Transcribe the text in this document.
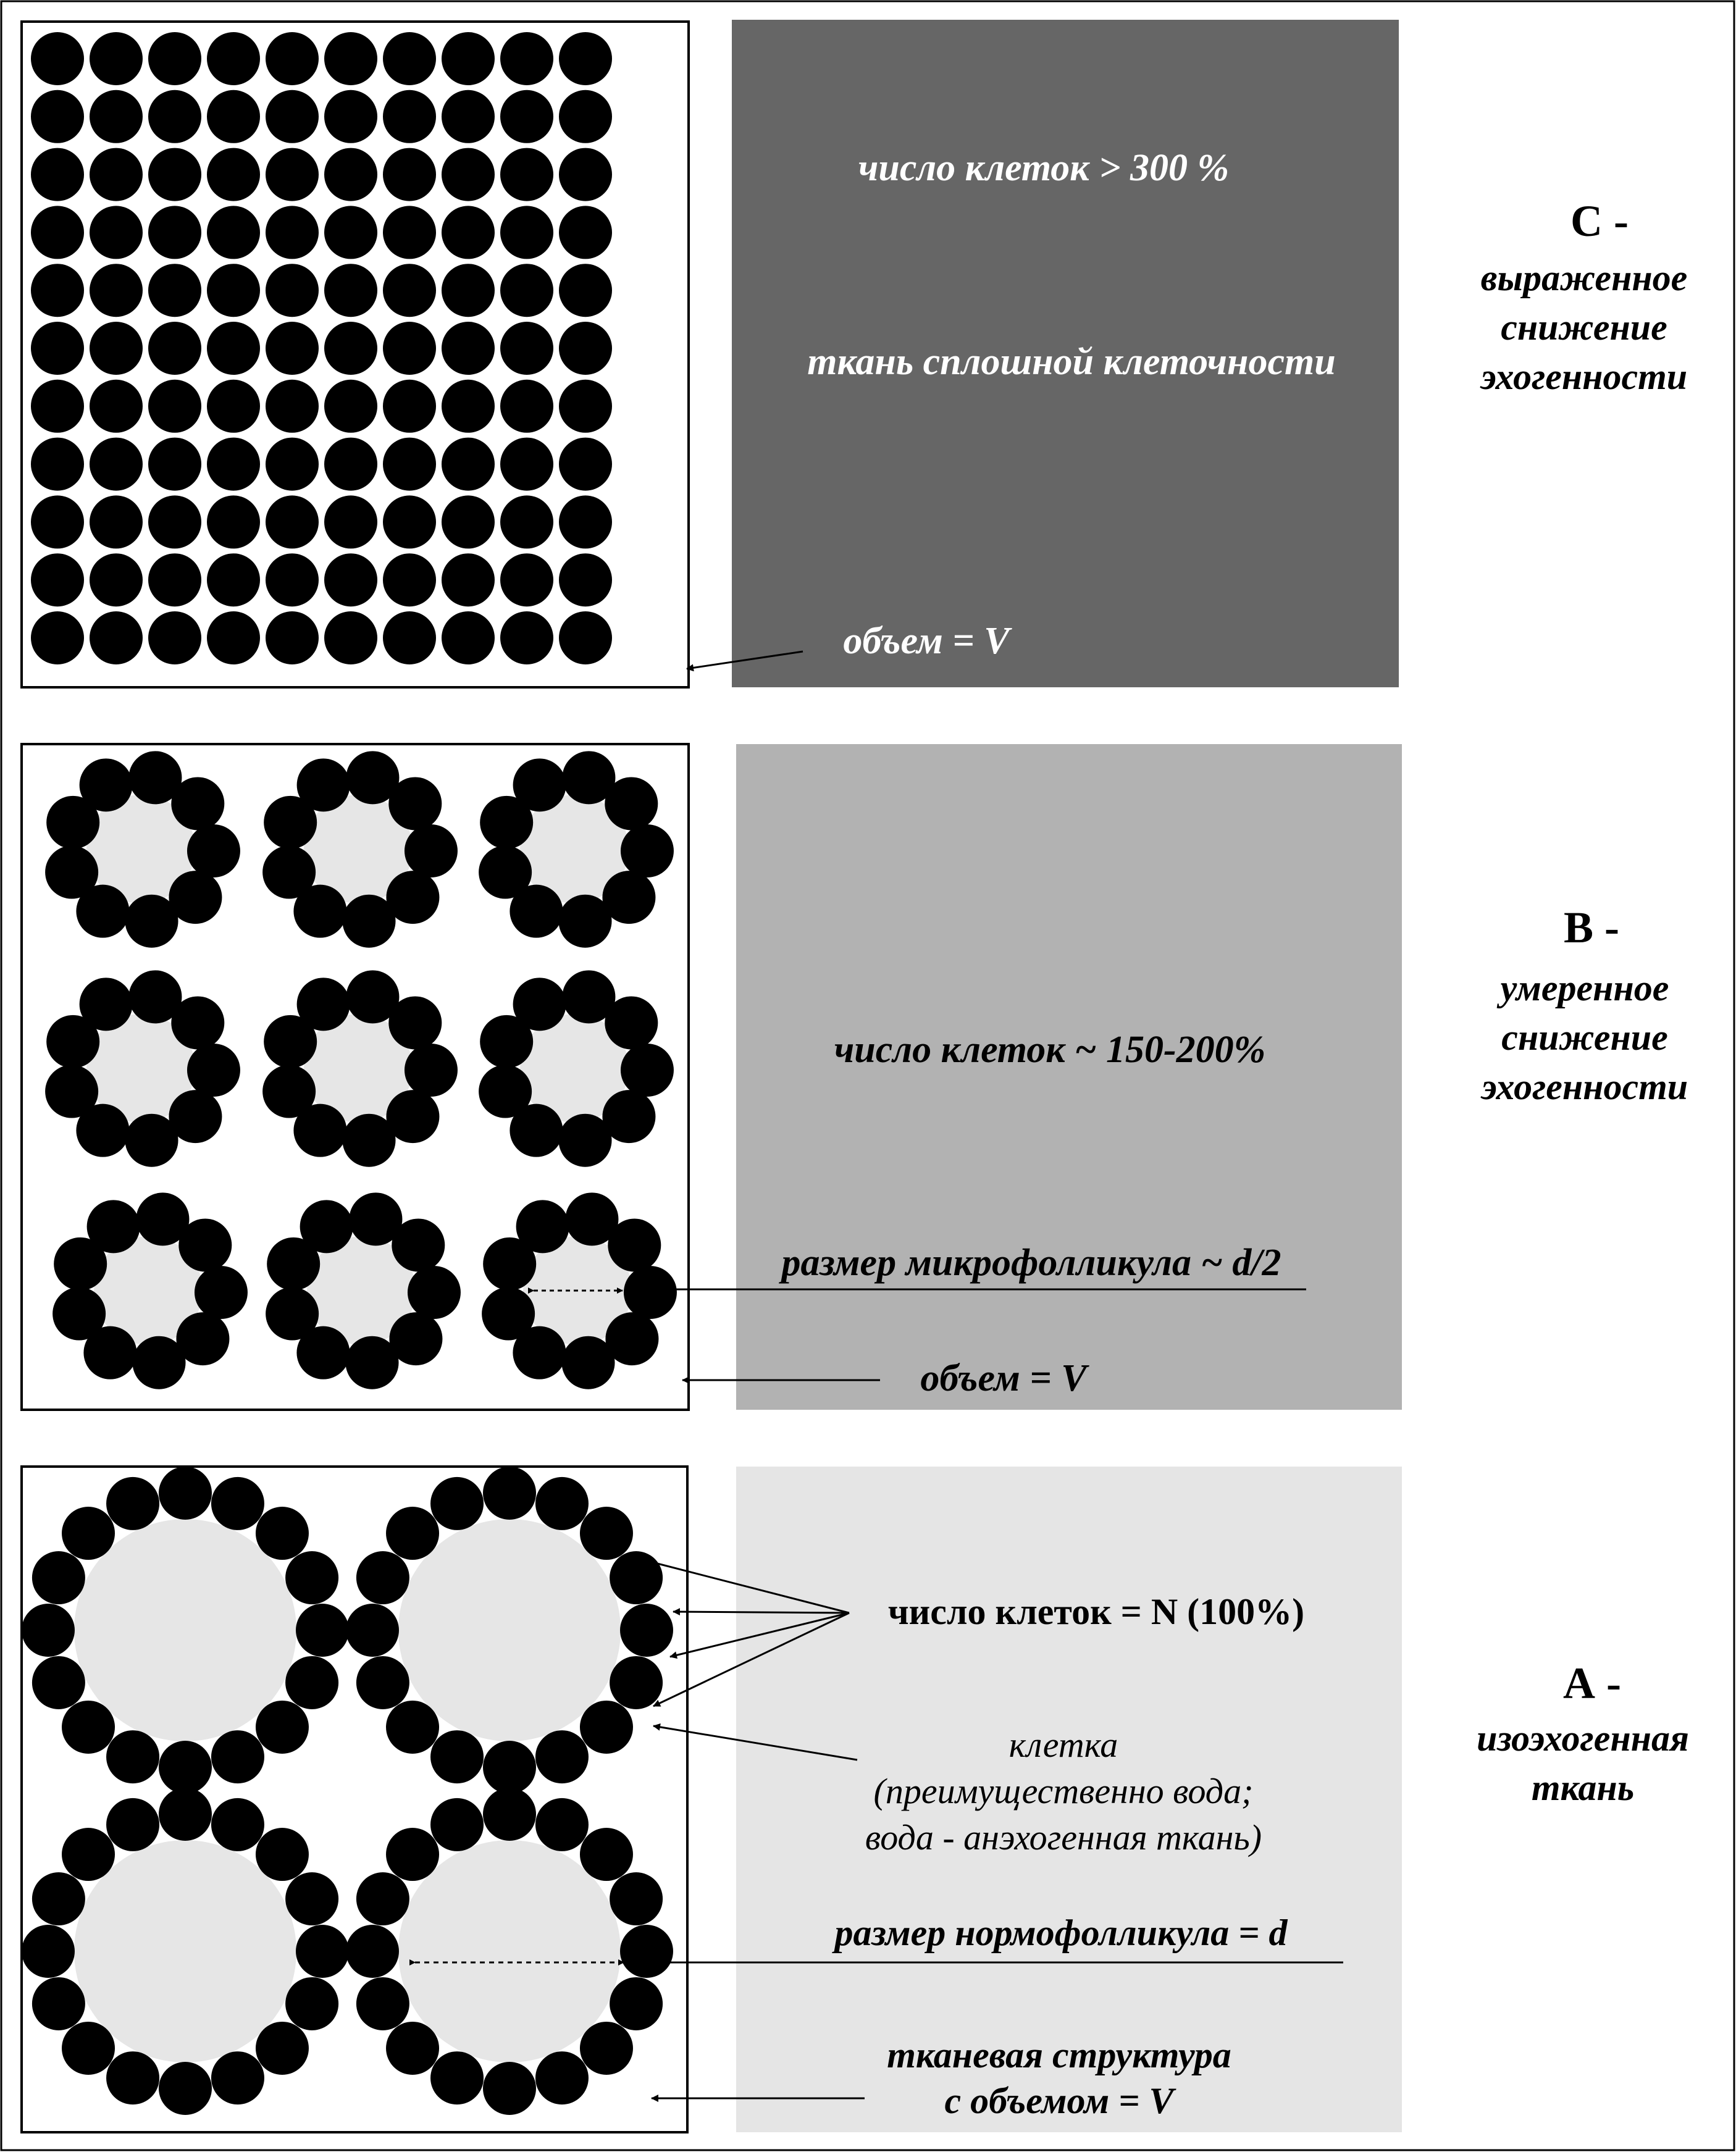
число клеток > 300 %
ткань сплошной клеточности
объем = V
С -
выраженное
снижение
эхогенности
число клеток ~ 150-200%
размер микрофолликула ~ d/2
объем = V
В -
умеренное
снижение
эхогенности
число клеток = N (100%)
клетка
(преимущественно вода;
вода - анэхогенная ткань)
размер нормофолликула = d
тканевая структура
с объемом = V
А -
изоэхогенная
ткань
